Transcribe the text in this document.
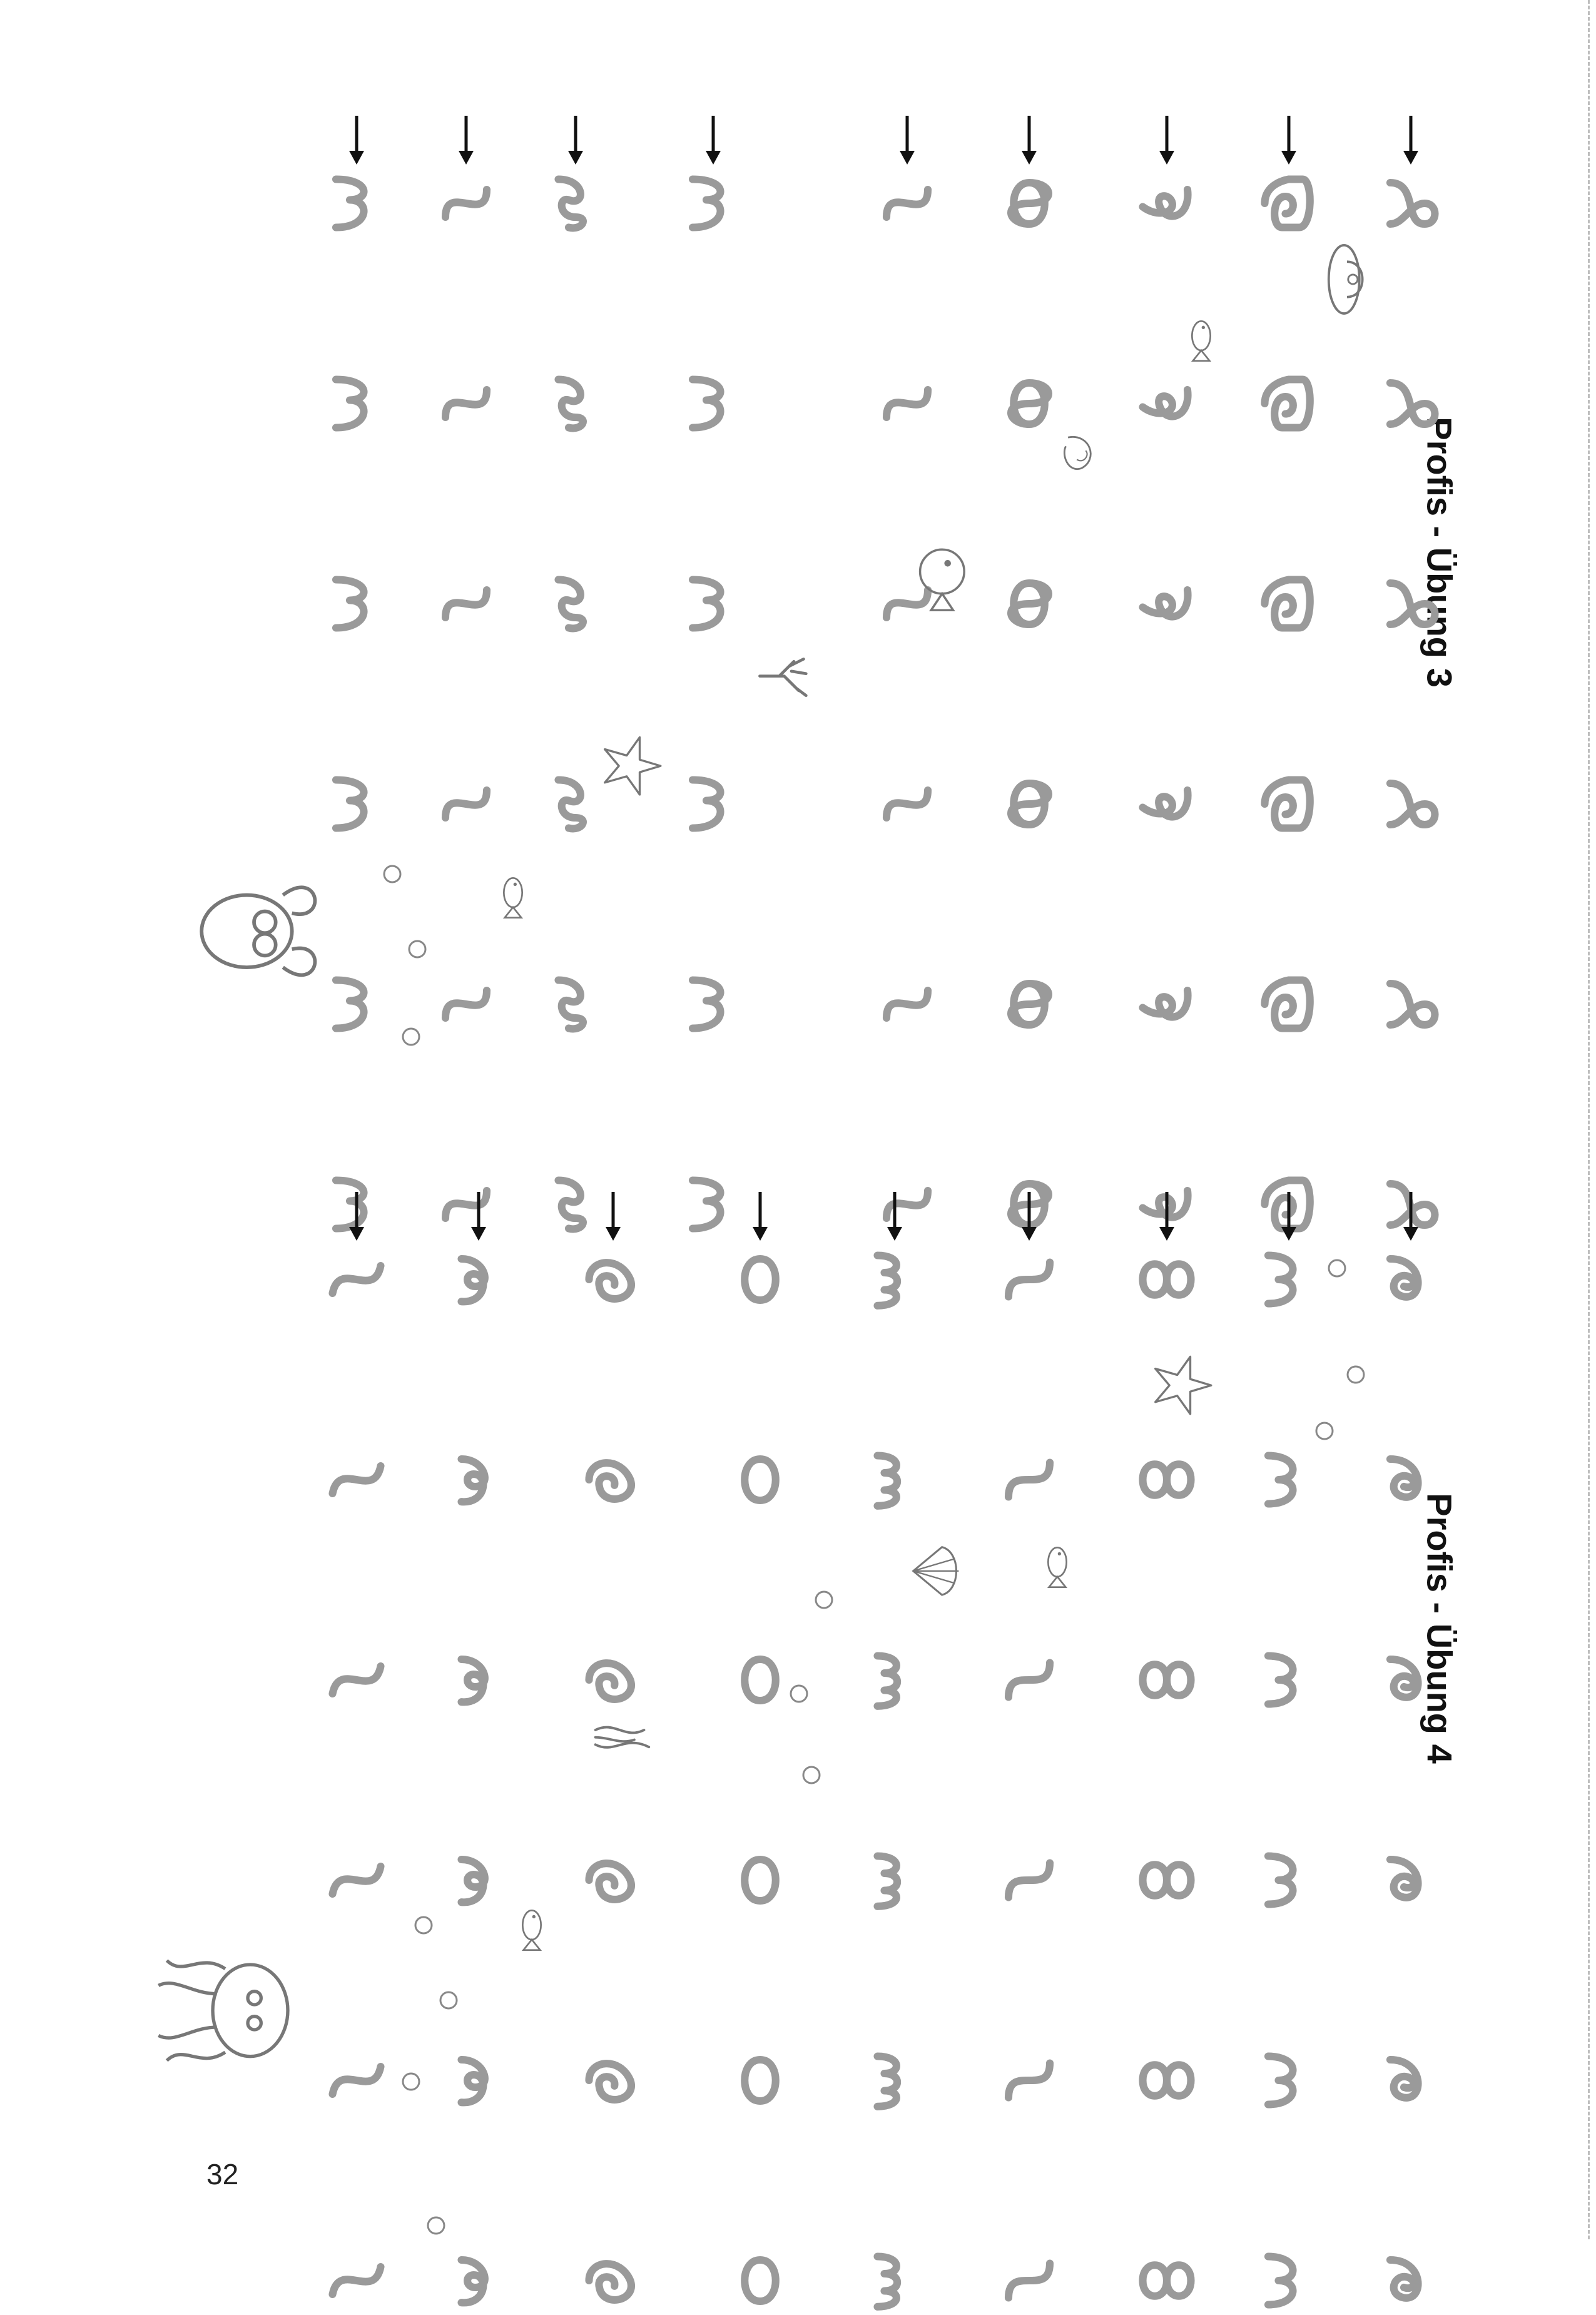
Profis - Übung 3
Profis - Übung 4
32
